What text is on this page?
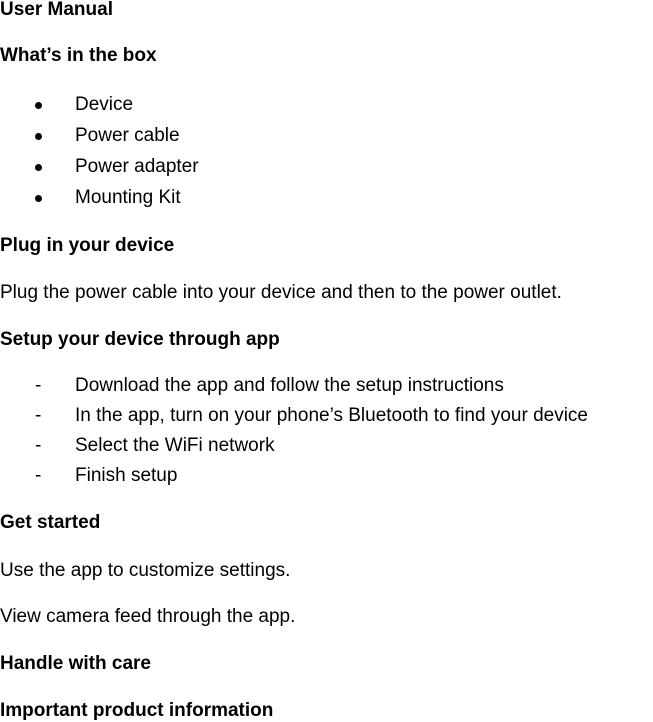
User Manual
What’s in the box
Device
Power cable
Power adapter
Mounting Kit
Plug in your device
Plug the power cable into your device and then to the power outlet.
Setup your device through app
- Download the app and follow the setup instructions
- In the app, turn on your phone’s Bluetooth to find your device
- Select the WiFi network
- Finish setup
Get started
Use the app to customize settings.
View camera feed through the app.
Handle with care
Important product information
